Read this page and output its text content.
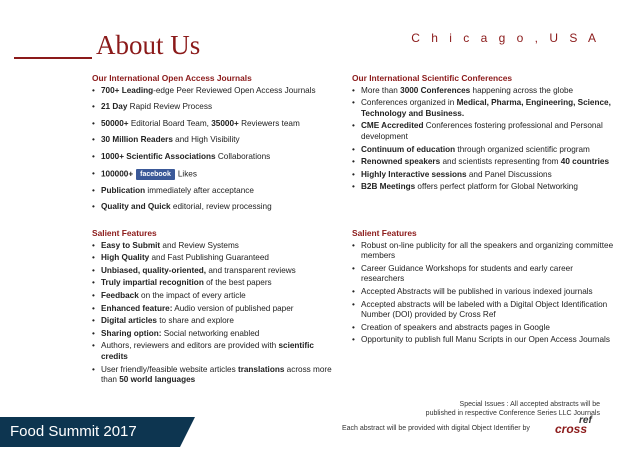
About Us	C h i c a g o , U S A
Our International Open Access Journals
• 700+ Leading-edge Peer Reviewed Open Access Journals
• 21 Day Rapid Review Process
• 50000+ Editorial Board Team, 35000+ Reviewers team
• 30 Million Readers and High Visibility
• 1000+ Scientific Associations Collaborations
• 100000+ facebook Likes
• Publication immediately after acceptance
• Quality and Quick editorial, review processing
Salient Features
• Easy to Submit and Review Systems
• High Quality and Fast Publishing Guaranteed
• Unbiased, quality-oriented, and transparent reviews
• Truly impartial recognition of the best papers
• Feedback on the impact of every article
• Enhanced feature: Audio version of published paper
• Digital articles to share and explore
• Sharing option: Social networking enabled
• Authors, reviewers and editors are provided with scientific credits
• User friendly/feasible website articles translations across more than 50 world languages
Our International Scientific Conferences
• More than 3000 Conferences happening across the globe
• Conferences organized in Medical, Pharma, Engineering, Science, Technology and Business.
• CME Accredited Conferences fostering professional and Personal development
• Continuum of education through organized scientific program
• Renowned speakers and scientists representing from 40 countries
• Highly Interactive sessions and Panel Discussions
• B2B Meetings offers perfect platform for Global Networking
Salient Features
• Robust on-line publicity for all the speakers and organizing committee members
• Career Guidance Workshops for students and early career researchers
• Accepted Abstracts will be published in various indexed journals
• Accepted abstracts will be labeled with a Digital Object Identification Number (DOI) provided by Cross Ref
• Creation of speakers and abstracts pages in Google
• Opportunity to publish full Manu Scripts in our Open Access Journals
Food Summit 2017
Special Issues : All accepted abstracts will be
published in respective Conference Series LLC Journals
Each abstract will be provided with digital Object Identifier by cross
ref
